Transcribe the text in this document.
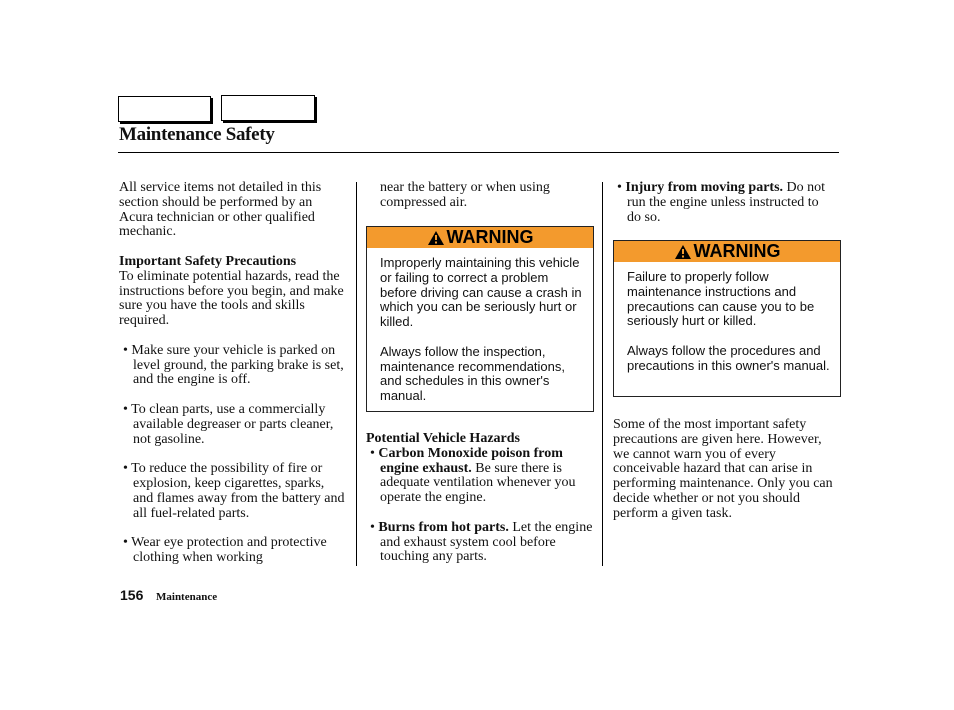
Maintenance Safety

All service items not detailed in this section should be performed by an Acura technician or other qualified mechanic.

Important Safety Precautions

To eliminate potential hazards, read the instructions before you begin, and make sure you have the tools and skills required.

• Make sure your vehicle is parked on level ground, the parking brake is set, and the engine is off.

• To clean parts, use a commercially available degreaser or parts cleaner, not gasoline.

• To reduce the possibility of fire or explosion, keep cigarettes, sparks, and flames away from the battery and all fuel-related parts.

• Wear eye protection and protective clothing when working

near the battery or when using compressed air.

WARNING

Improperly maintaining this vehicle or failing to correct a problem before driving can cause a crash in which you can be seriously hurt or killed.

Always follow the inspection, maintenance recommendations, and schedules in this owner's manual.

Potential Vehicle Hazards

• Carbon Monoxide poison from engine exhaust. Be sure there is adequate ventilation whenever you operate the engine.

• Burns from hot parts. Let the engine and exhaust system cool before touching any parts.

• Injury from moving parts. Do not run the engine unless instructed to do so.

WARNING

Failure to properly follow maintenance instructions and precautions can cause you to be seriously hurt or killed.

Always follow the procedures and precautions in this owner's manual.

Some of the most important safety precautions are given here. However, we cannot warn you of every conceivable hazard that can arise in performing maintenance. Only you can decide whether or not you should perform a given task.

156 Maintenance
